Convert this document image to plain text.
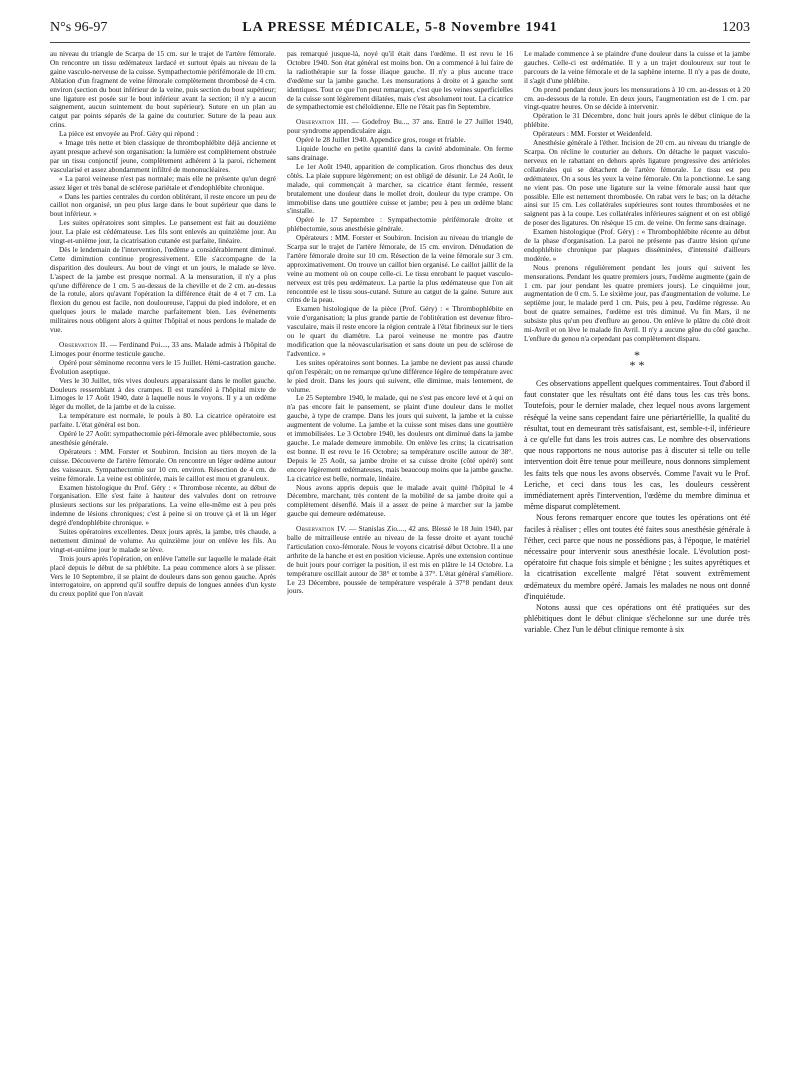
N°s 96-97	LA PRESSE MÉDICALE, 5-8 Novembre 1941	1203

au niveau du triangle de Scarpa de 15 cm. sur le trajet de l'artère fémorale. On rencontre un tissu œdémateux lardacé et surtout épais au niveau de la gaine vasculo-nerveuse de la cuisse. Sympathectomie périfémorale de 10 cm. Ablation d'un fragment de veine fémorale complètement thrombosé de 4 cm. environ (section du bout inférieur de la veine, puis section du bout supérieur; une ligature est posée sur le bout inférieur avant la section; il n'y a aucun saignement, aucun suintement du bout supérieur). Suture en un plan au catgut par points séparés de la gaine du couturier. Suture de la peau aux crins.

La pièce est envoyée au Prof. Géry qui répond :

« Image très nette et bien classique de thrombophlébite déjà ancienne et ayant presque achevé son organisation: la lumière est complètement obstruée par un tissu conjonctif jeune, complètement adhérent à la paroi, richement vascularisé et assez abondamment infiltré de mononucléaires.

« La paroi veineuse n'est pas normale; mais elle ne présente qu'un degré assez léger et très banal de sclérose pariétale et d'endophlébite chronique.

« Dans les parties centrales du cordon oblitérant, il reste encore un peu de caillot non organisé, un peu plus large dans le bout supérieur que dans le bout inférieur. »

Les suites opératoires sont simples. Le pansement est fait au douzième jour. La plaie est cédémateuse. Les fils sont enlevés au quinzième jour. Au vingt-et-unième jour, la cicatrisation cutanée est parfaite, linéaire.

Dès le lendemain de l'intervention, l'œdème a considérablement diminué. Cette diminution continue progressivement. Elle s'accompagne de la disparition des douleurs. Au bout de vingt et un jours, le malade se lève. L'aspect de la jambe est presque normal. A la mensuration, il n'y a plus qu'une différence de 1 cm. 5 au-dessus de la cheville et de 2 cm. au-dessus de la rotule, alors qu'avant l'opération la différence était de 4 et 7 cm. La flexion du genou est facile, non douloureuse, l'appui du pied indolore, et en quelques jours le malade marche parfaitement bien. Les événements militaires nous obligent alors à quitter l'hôpital et nous perdons le malade de vue.

Observation II. — Ferdinand Poi...., 33 ans. Malade admis à l'hôpital de Limoges pour énorme testicule gauche.

Opéré pour séminome reconnu vers le 15 Juillet. Hémi-castration gauche. Évolution aseptique.

Vers le 30 Juillet, très vives douleurs apparaissant dans le mollet gauche. Douleurs ressemblant à des crampes. Il est transféré à l'hôpital mixte de Limoges le 17 Août 1940, date à laquelle nous le voyons. Il y a un œdème léger du mollet, de la jambe et de la cuisse.

La température est normale, le pouls à 80. La cicatrice opératoire est parfaite. L'état général est bon.

Opéré le 27 Août: sympathectomie péri-fémorale avec phlébectomie, sous anesthésie générale.

Opérateurs : MM. Forster et Soubiron. Incision au tiers moyen de la cuisse. Découverte de l'artère fémorale. On rencontre un léger œdème autour des vaisseaux. Sympathectomie sur 10 cm. environ. Résection de 4 cm. de veine fémorale. La veine est oblitérée, mais le caillot est mou et granuleux.

Examen histologique du Prof. Géry : « Thrombose récente, au début de l'organisation. Elle s'est faite à hauteur des valvules dont on retrouve plusieurs sections sur les préparations. La veine elle-même est à peu près indemne de lésions chroniques; c'est à peine si on trouve çà et là un léger degré d'endophlébite chronique. »

Suites opératoires excellentes. Deux jours après, la jambe, très chaude, a nettement diminué de volume. Au quinzième jour on enlève les fils. Au vingt-et-unième jour le malade se lève.

Trois jours après l'opération, on enlève l'attelle sur laquelle le malade était placé depuis le début de sa phlébite. La peau commence alors à se plisser. Vers le 10 Septembre, il se plaint de douleurs dans son genou gauche. Après interrogatoire, on apprend qu'il souffre depuis de longues années d'un kyste du creux poplité que l'on n'avait

pas remarqué jusque-là, noyé qu'il était dans l'œdème. Il est revu le 16 Octobre 1940. Son état général est moins bon. On a commencé à lui faire de la radiothérapie sur la fosse iliaque gauche. Il n'y a plus aucune trace d'œdème sur la jambe gauche. Les mensurations à droite et à gauche sont identiques. Tout ce que l'on peut remarquer, c'est que les veines superficielles de la cuisse sont légèrement dilatées, mais c'est absolument tout. La cicatrice de sympathectomie est chéloïdienne. Elle ne l'était pas fin Septembre.

Observation III. — Godefroy Bu..., 37 ans. Entré le 27 Juillet 1940, pour syndrome appendiculaire aigu.

Opéré le 28 Juillet 1940. Appendice gros, rouge et friable.

Liquide louche en petite quantité dans la cavité abdominale. On ferme sans drainage.

Le 1er Août 1940, apparition de complication. Gros rhonchus des deux côtés. La plaie suppure légèrement; on est obligé de désunir. Le 24 Août, le malade, qui commençait à marcher, sa cicatrice étant fermée, ressent brutalement une douleur dans le mollet droit, douleur du type crampe. On immobilise dans une gouttière cuisse et jambe; peu à peu un œdème blanc s'installe.

Opéré le 17 Septembre : Sympathectomie périfémorale droite et phlébectomie, sous anesthésie générale.

Opérateurs : MM. Forster et Soubiron. Incision au niveau du triangle de Scarpa sur le trajet de l'artère fémorale, de 15 cm. environ. Dénudation de l'artère fémorale droite sur 10 cm. Résection de la veine fémorale sur 3 cm. approximativement. On trouve un caillot bien organisé. Le caillot jaillit de la veine au moment où on coupe celle-ci. Le tissu enrobant le paquet vasculo-nerveux est très peu œdémateux. La partie la plus œdémateuse que l'on ait rencontrée est le tissu sous-cutané. Suture au catgut de la gaine. Suture aux crins de la peau.

Examen histologique de la pièce (Prof. Géry) : « Thrombophlébite en voie d'organisation; la plus grande partie de l'oblitération est devenue fibro-vasculaire, mais il reste encore la région centrale à l'état fibrineux sur le tiers ou le quart du diamètre. La paroi veineuse ne montre pas d'autre modification que la néovascularisation et sans doute un peu de sclérose de l'adventice. »

Les suites opératoires sont bonnes. La jambe ne devient pas aussi chaude qu'on l'espérait; on ne remarque qu'une différence légère de température avec le pied droit. Dans les jours qui suivent, elle diminue, mais lentement, de volume.

Le 25 Septembre 1940, le malade, qui ne s'est pas encore levé et à qui on n'a pas encore fait le pansement, se plaint d'une douleur dans le mollet gauche, à type de crampe. Dans les jours qui suivent, la jambe et la cuisse augmentent de volume. La jambe et la cuisse sont mises dans une gouttière et immobilisées. Le 3 Octobre 1940, les douleurs ont diminué dans la jambe gauche. Le malade demeure immobile. On enlève les crins; la cicatrisation est bonne. Il est revu le 16 Octobre; sa température oscille autour de 38°. Depuis le 25 Août, sa jambe droite et sa cuisse droite (côté opéré) sont encore légèrement œdémateuses, mais beaucoup moins que la jambe gauche. La cicatrice est belle, normale, linéaire.

Nous avons appris depuis que le malade avait quitté l'hôpital le 4 Décembre, marchant, très content de la mobilité de sa jambe droite qui a complètement désenflé. Mais il a assez de peine à marcher sur la jambe gauche qui demeure œdémateuse.

Observation IV. — Stanislas Zio...., 42 ans. Blessé le 18 Juin 1940, par balle de mitrailleuse entrée au niveau de la fesse droite et ayant touché l'articulation coxo-fémorale. Nous le voyons cicatrisé début Octobre. Il a une arthrite de la hanche et est en position vicieuse. Après une extension continue de huit jours pour corriger la position, il est mis en plâtre le 14 Octobre. La température oscillait autour de 38° et tombe à 37°. L'état général s'améliore. Le 23 Décembre, poussée de température vespérale à 37°8 pendant deux jours.

Le malade commence à se plaindre d'une douleur dans la cuisse et la jambe gauches. Celle-ci est œdématiée. Il y a un trajet douloureux sur tout le parcours de la veine fémorale et de la saphène interne. Il n'y a pas de doute, il s'agit d'une phlébite.

On prend pendant deux jours les mensurations à 10 cm. au-dessus et à 20 cm. au-dessous de la rotule. En deux jours, l'augmentation est de 1 cm. par vingt-quatre heures. On se décide à intervenir.

Opération le 31 Décembre, donc huit jours après le début clinique de la phlébite.

Opérateurs : MM. Forster et Weidenfeld.

Anesthésie générale à l'éther. Incision de 20 cm. au niveau du triangle de Scarpa. On récline le couturier au dehors. On détache le paquet vasculo-nerveux en le rabattant en dehors après ligature progressive des artérioles collatérales qui se détachent de l'artère fémorale. Le tissu est peu œdémateux. On a sous les yeux la veine fémorale. On la ponctionne. Le sang ne vient pas. On pose une ligature sur la veine fémorale aussi haut que possible. Elle est nettement thrombosée. On rabat vers le bas; on la détache ainsi sur 15 cm. Les collatérales supérieures sont toutes thrombosées et ne saignent pas à la coupe. Les collatérales inférieures saignent et on est obligé de poser des ligatures. On résèque 15 cm. de veine. On ferme sans drainage.

Examen histologique (Prof. Géry) : « Thrombophlébite récente au début de la phase d'organisation. La paroi ne présente pas d'autre lésion qu'une endophlébite chronique par plaques disséminées, d'intensité d'ailleurs modérée. »

Nous prenons régulièrement pendant les jours qui suivent les mensurations. Pendant les quatre premiers jours, l'œdème augmente (gain de 1 cm. par jour pendant les quatre premiers jours). Le cinquième jour, augmentation de 0 cm. 5. Le sixième jour, pas d'augmentation de volume. Le septième jour, le malade perd 1 cm. Puis, peu à peu, l'œdème régresse. Au bout de quatre semaines, l'œdème est très diminué. Vu fin Mars, il ne subsiste plus qu'un peu d'enflure au genou. On enlève le plâtre du côté droit mi-Avril et on lève le malade fin Avril. Il n'y a aucune gêne du côté gauche. L'enflure du genou n'a cependant pas complètement disparu.

*
* *

Ces observations appellent quelques commentaires. Tout d'abord il faut constater que les résultats ont été dans tous les cas très bons. Toutefois, pour le dernier malade, chez lequel nous avons largement réséqué la veine sans cependant faire une périartériellle, la qualité du résultat, tout en demeurant très satisfaisant, est, semble-t-il, inférieure à ce qu'elle fut dans les trois autres cas. Le nombre des observations que nous rapportons ne nous autorise pas à discuter si telle ou telle intervention doit être tenue pour meilleure, nous donnons simplement les faits tels que nous les avons observés. Comme l'avait vu le Prof. Leriche, et ceci dans tous les cas, les douleurs cessèrent immédiatement après l'intervention, l'œdème du membre diminua et même disparut complètement.

Nous ferons remarquer encore que toutes les opérations ont été faciles à réaliser ; elles ont toutes été faites sous anesthésie générale à l'éther, ceci parce que nous ne possédions pas, à l'époque, le matériel nécessaire pour intervenir sous anesthésie locale. L'évolution post-opératoire fut chaque fois simple et bénigne ; les suites apyrétiques et la cicatrisation excellente malgré l'état souvent extrêmement œdémateux du membre opéré. Jamais les malades ne nous ont donné d'inquiétude.

Notons aussi que ces opérations ont été pratiquées sur des phlébitiques dont le début clinique s'échelonne sur une durée très variable. Chez l'un le début clinique remonte à six
